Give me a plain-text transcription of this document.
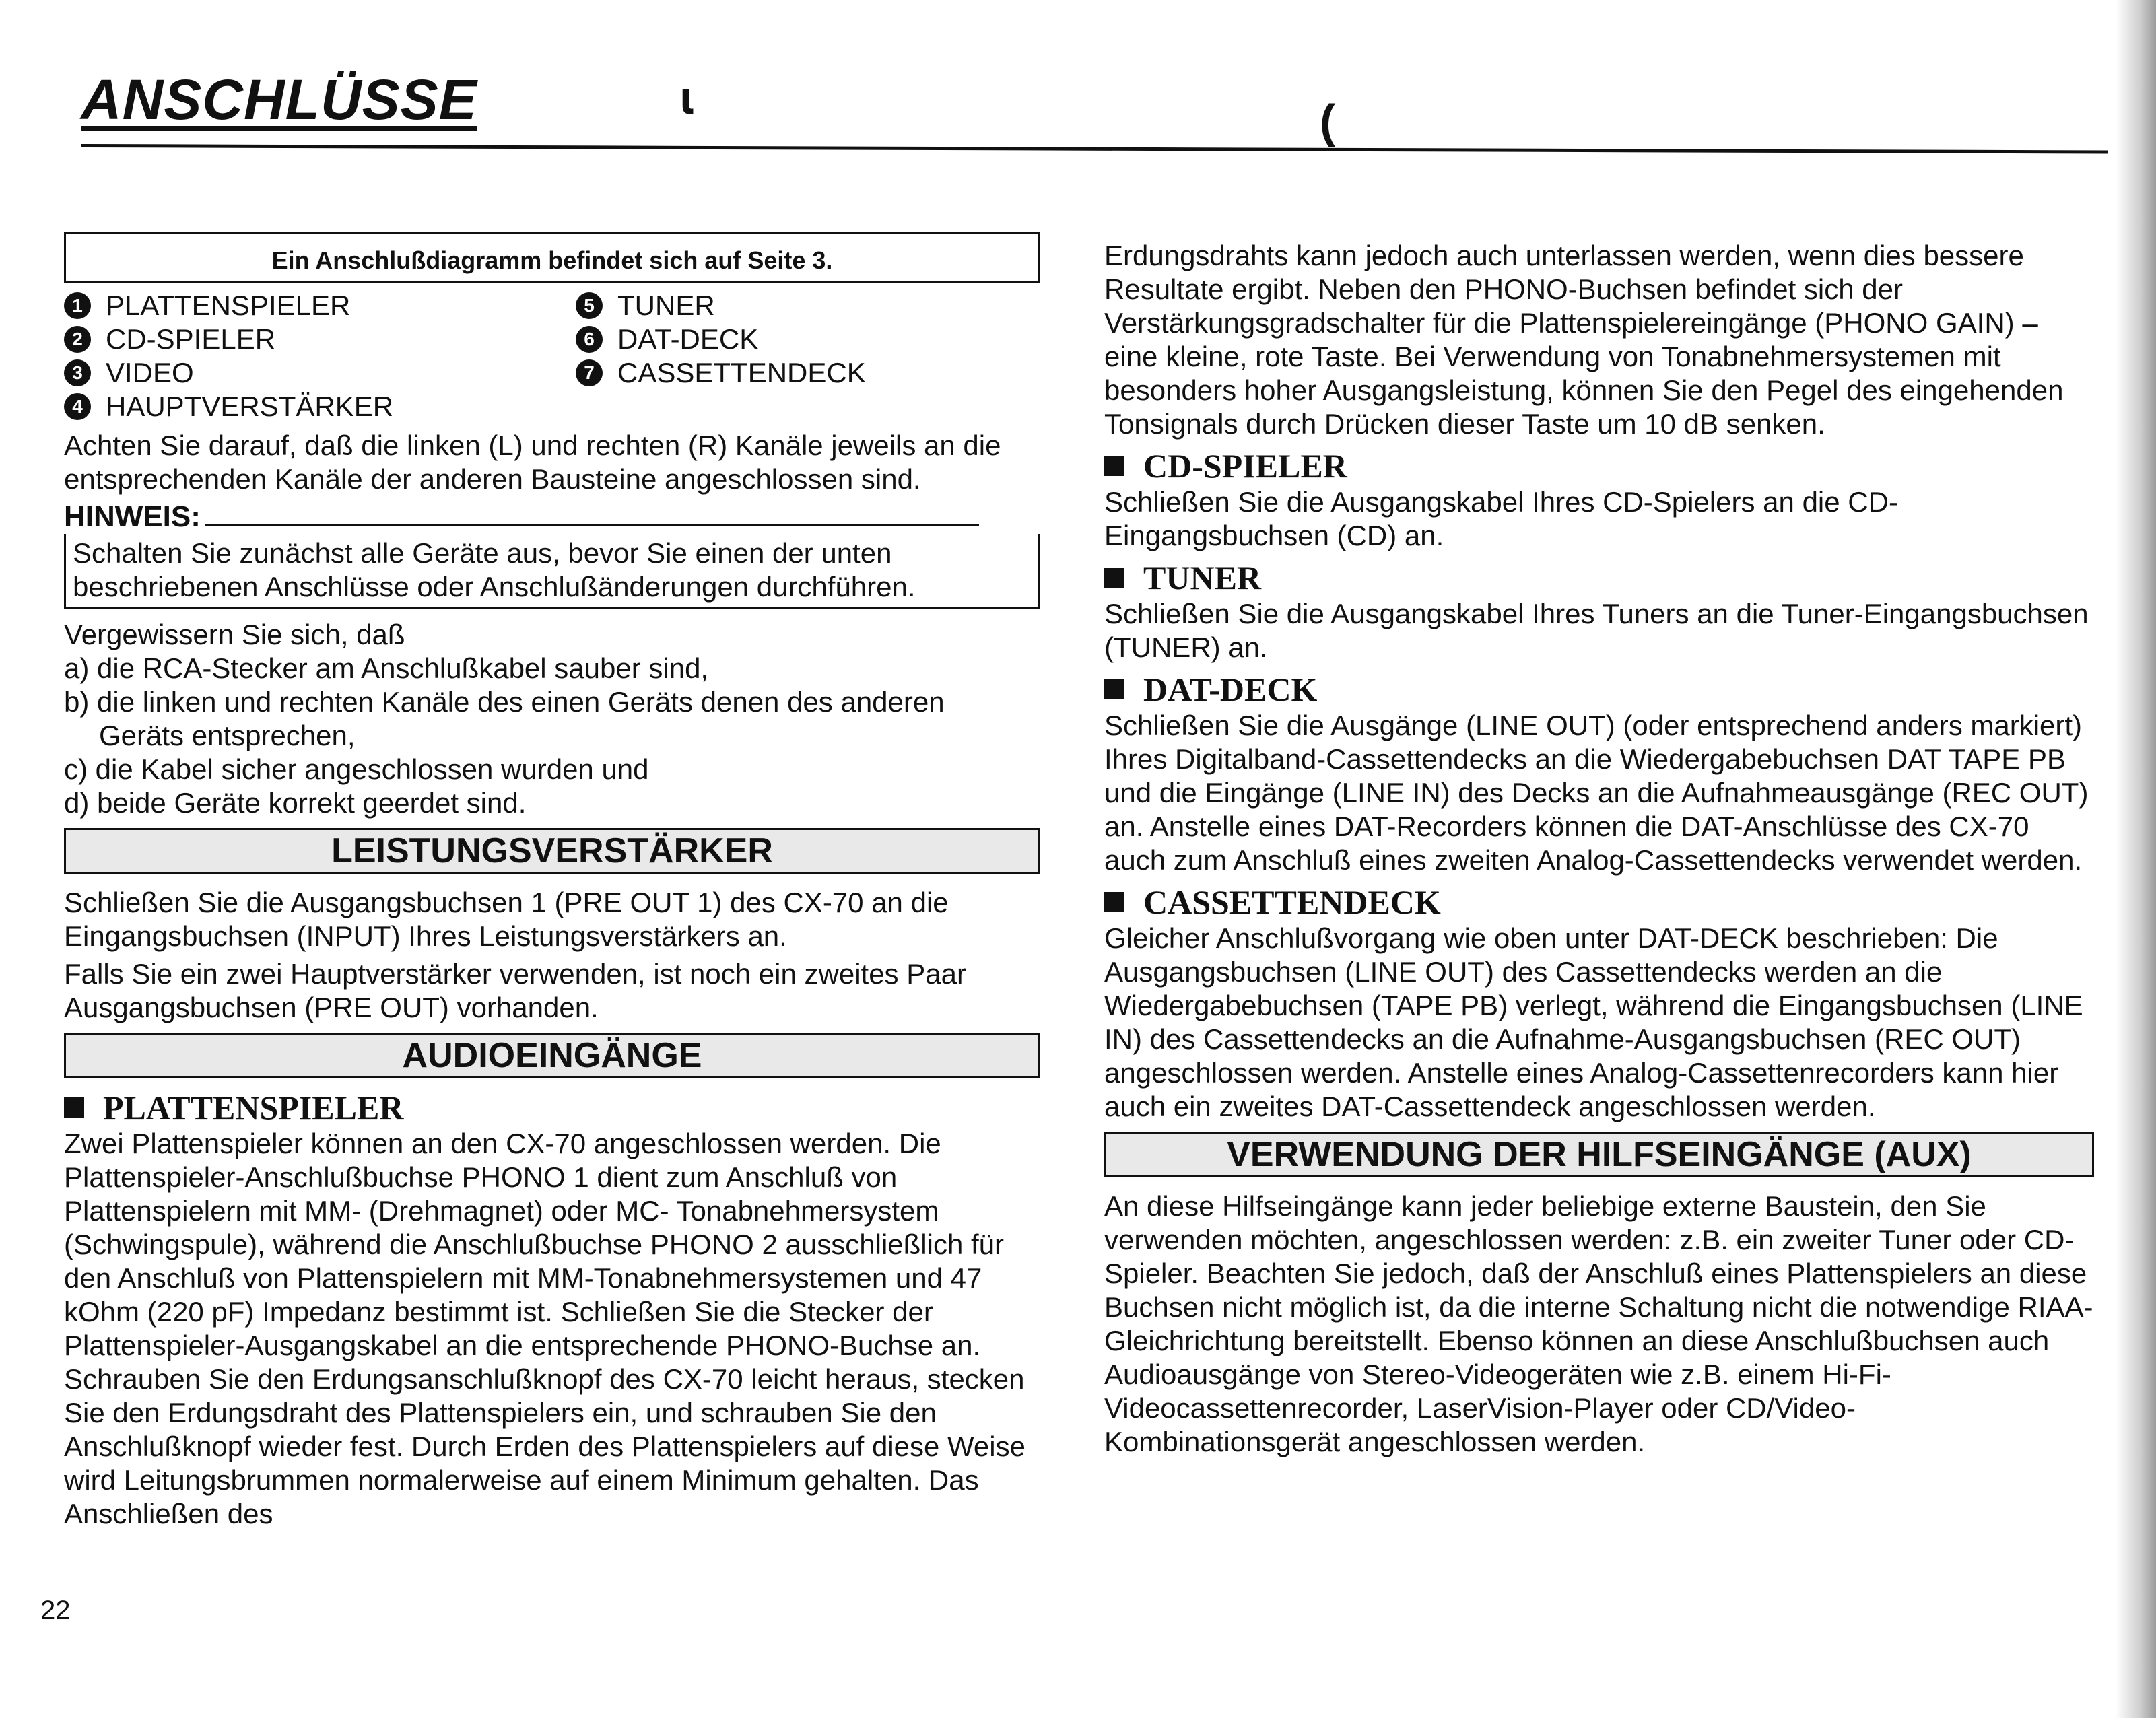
ANSCHLÜSSE	ɩ	(
Ein Anschlußdiagramm befindet sich auf Seite 3.
1 PLATTENSPIELER	5 TUNER
2 CD-SPIELER	6 DAT-DECK
3 VIDEO	7 CASSETTENDECK
4 HAUPTVERSTÄRKER

Achten Sie darauf, daß die linken (L) und rechten (R) Kanäle jeweils an die entsprechenden Kanäle der anderen Bausteine angeschlossen sind.

HINWEIS:
Schalten Sie zunächst alle Geräte aus, bevor Sie einen der unten beschriebenen Anschlüsse oder Anschlußänderungen durchführen.

Vergewissern Sie sich, daß

a) die RCA-Stecker am Anschlußkabel sauber sind,
b) die linken und rechten Kanäle des einen Geräts denen des anderen
Geräts entsprechen,
c) die Kabel sicher angeschlossen wurden und
d) beide Geräte korrekt geerdet sind.
LEISTUNGSVERSTÄRKER

Schließen Sie die Ausgangsbuchsen 1 (PRE OUT 1) des CX-70 an die Eingangsbuchsen (INPUT) Ihres Leistungsverstärkers an.

Falls Sie ein zwei Hauptverstärker verwenden, ist noch ein zweites Paar Ausgangsbuchsen (PRE OUT) vorhanden.

AUDIOEINGÄNGE
PLATTENSPIELER

Zwei Plattenspieler können an den CX-70 angeschlossen werden. Die Plattenspieler-Anschlußbuchse PHONO 1 dient zum Anschluß von Plattenspielern mit MM- (Drehmagnet) oder MC- Tonabnehmersystem (Schwingspule), während die Anschlußbuchse PHONO 2 ausschließlich für den Anschluß von Plattenspielern mit MM-Tonabnehmersystemen und 47 kOhm (220 pF) Impedanz bestimmt ist. Schließen Sie die Stecker der Plattenspieler-Ausgangskabel an die entsprechende PHONO-Buchse an. Schrauben Sie den Erdungsanschlußknopf des CX-70 leicht heraus, stecken Sie den Erdungsdraht des Plattenspielers ein, und schrauben Sie den Anschlußknopf wieder fest. Durch Erden des Plattenspielers auf diese Weise wird Leitungsbrummen normalerweise auf einem Minimum gehalten. Das Anschließen des

22

Erdungsdrahts kann jedoch auch unterlassen werden, wenn dies bessere Resultate ergibt. Neben den PHONO-Buchsen befindet sich der Verstärkungsgradschalter für die Plattenspielereingänge (PHONO GAIN) – eine kleine, rote Taste. Bei Verwendung von Tonabnehmersystemen mit besonders hoher Ausgangsleistung, können Sie den Pegel des eingehenden Tonsignals durch Drücken dieser Taste um 10 dB senken.

CD-SPIELER

Schließen Sie die Ausgangskabel Ihres CD-Spielers an die CD-Eingangsbuchsen (CD) an.

TUNER

Schließen Sie die Ausgangskabel Ihres Tuners an die Tuner-Eingangsbuchsen (TUNER) an.

DAT-DECK

Schließen Sie die Ausgänge (LINE OUT) (oder entsprechend anders markiert) Ihres Digitalband-Cassettendecks an die Wiedergabebuchsen DAT TAPE PB und die Eingänge (LINE IN) des Decks an die Aufnahmeausgänge (REC OUT) an. Anstelle eines DAT-Recorders können die DAT-Anschlüsse des CX-70 auch zum Anschluß eines zweiten Analog-Cassettendecks verwendet werden.

CASSETTENDECK

Gleicher Anschlußvorgang wie oben unter DAT-DECK beschrieben: Die Ausgangsbuchsen (LINE OUT) des Cassettendecks werden an die Wiedergabebuchsen (TAPE PB) verlegt, während die Eingangsbuchsen (LINE IN) des Cassettendecks an die Aufnahme-Ausgangsbuchsen (REC OUT) angeschlossen werden. Anstelle eines Analog-Cassettenrecorders kann hier auch ein zweites DAT-Cassettendeck angeschlossen werden.

VERWENDUNG DER HILFSEINGÄNGE (AUX)

An diese Hilfseingänge kann jeder beliebige externe Baustein, den Sie verwenden möchten, angeschlossen werden: z.B. ein zweiter Tuner oder CD-Spieler. Beachten Sie jedoch, daß der Anschluß eines Plattenspielers an diese Buchsen nicht möglich ist, da die interne Schaltung nicht die notwendige RIAA-Gleichrichtung bereitstellt. Ebenso können an diese Anschlußbuchsen auch Audioausgänge von Stereo-Videogeräten wie z.B. einem Hi-Fi- Videocassettenrecorder, LaserVision-Player oder CD/Video- Kombinationsgerät angeschlossen werden.
